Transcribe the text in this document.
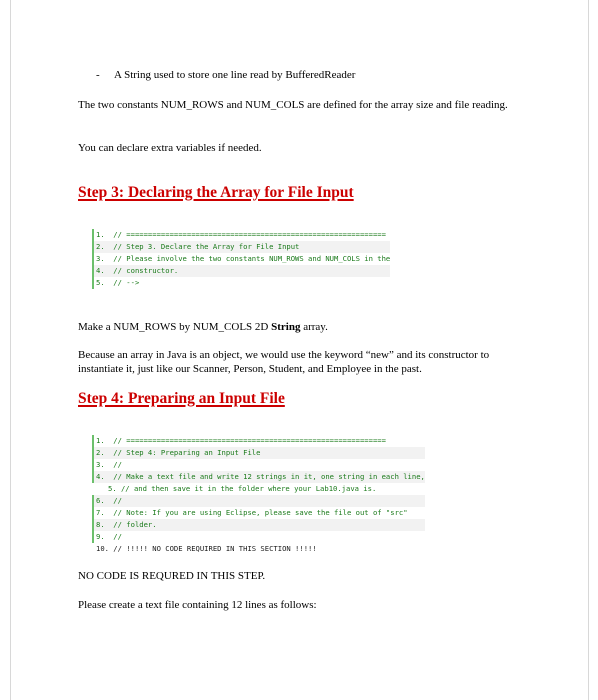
- A String used to store one line read by BufferedReader
The two constants NUM_ROWS and NUM_COLS are defined for the array size and file reading.
You can declare extra variables if needed.
Step 3: Declaring the Array for File Input
1.  // ============================================================
2.  // Step 3. Declare the Array for File Input
3.  // Please involve the two constants NUM_ROWS and NUM_COLS in the
4.  // constructor.
5.  // -->
Make a NUM_ROWS by NUM_COLS 2D String array.
Because an array in Java is an object, we would use the keyword “new” and its constructor to instantiate it, just like our Scanner, Person, Student, and Employee in the past.
Step 4: Preparing an Input File
1.  // ============================================================
2.  // Step 4: Preparing an Input File
3.  //
4.  // Make a text file and write 12 strings in it, one string in each line,
5. // and then save it in the folder where your Lab10.java is.
6.  //
7.  // Note: If you are using Eclipse, please save the file out of "src"
8.  // folder.
9.  //
10. // !!!!! NO CODE REQUIRED IN THIS SECTION !!!!!
NO CODE IS REQURED IN THIS STEP.
Please create a text file containing 12 lines as follows:
